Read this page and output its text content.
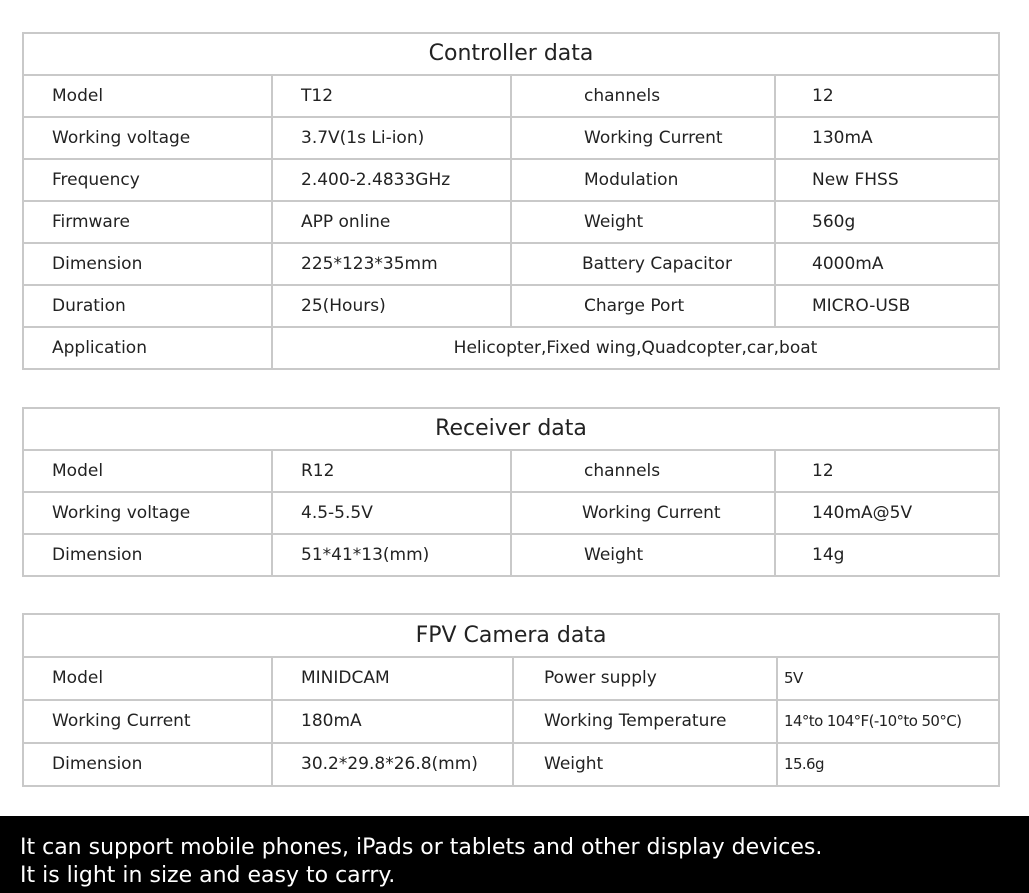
Controller data			
Model	T12	channels	12
Working voltage	3.7V(1s Li-ion)	Working Current	130mA
Frequency	2.400-2.4833GHz	Modulation	New FHSS
Firmware	APP online	Weight	560g
Dimension	225*123*35mm	Battery Capacitor	4000mA
Duration	25(Hours)	Charge Port	MICRO-USB
Application	Helicopter,Fixed wing,Quadcopter,car,boat		
Receiver data			
Model	R12	channels	12
Working voltage	4.5-5.5V	Working Current	140mA@5V
Dimension	51*41*13(mm)	Weight	14g
FPV Camera data			
Model	MINIDCAM	Power supply	5V
Working Current	180mA	Working Temperature	14°to 104°F(-10°to 50°C)
Dimension	30.2*29.8*26.8(mm)	Weight	15.6g
It can support mobile phones, iPads or tablets and other display devices.
It is light in size and easy to carry.
